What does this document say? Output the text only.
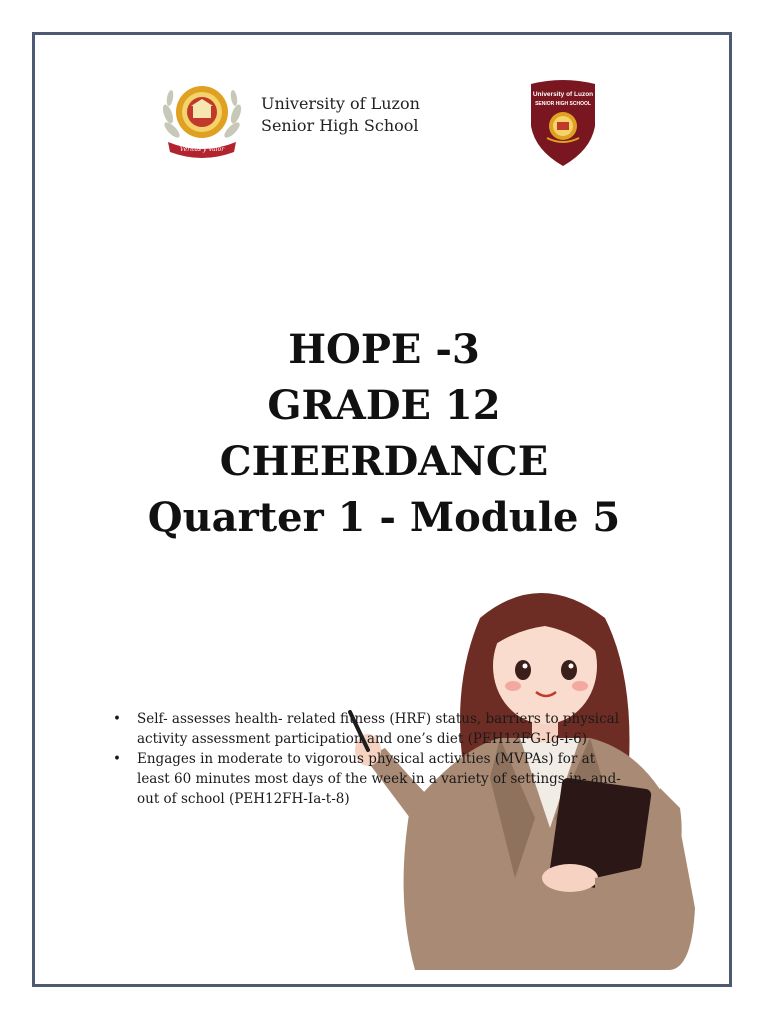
Veritas y Valor
University of Luzon
Senior High School
University of Luzon
SENIOR HIGH SCHOOL
HOPE -3
GRADE 12
CHEERDANCE
Quarter 1 - Module 5
• Self- assesses health- related fitness (HRF) status, barriers to physical activity assessment participation and one’s diet (PEH12FG-Ig-i-6)
• Engages in moderate to vigorous physical activities (MVPAs) for at least 60 minutes most days of the week in a variety of settings in- and-out of school (PEH12FH-Ia-t-8)
